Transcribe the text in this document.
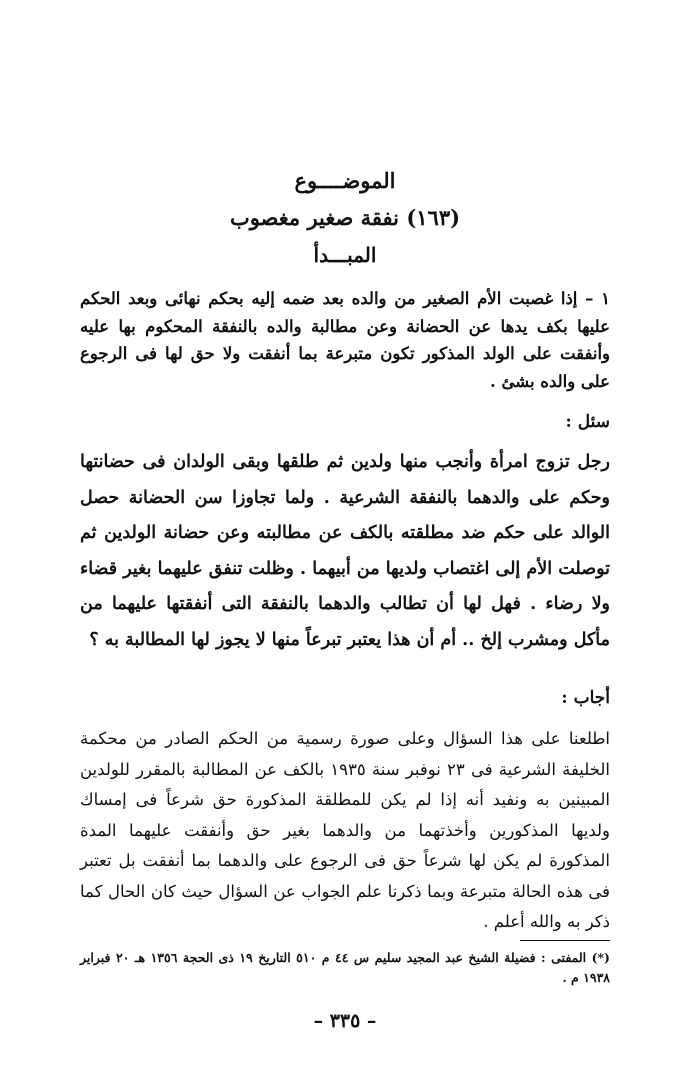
الموضــــوع
(١٦٣) نفقة صغير مغصوب
المبـــدأ
١ – إذا غصبت الأم الصغير من والده بعد ضمه إليه بحكم نهائى وبعد الحكم عليها بكف يدها عن الحضانة وعن مطالبة والده بالنفقة المحكوم بها عليه وأنفقت على الولد المذكور تكون متبرعة بما أنفقت ولا حق لها فى الرجوع على والده بشئ .
سئل :
رجل تزوج امرأة وأنجب منها ولدين ثم طلقها وبقى الولدان فى حضانتها وحكم على والدهما بالنفقة الشرعية . ولما تجاوزا سن الحضانة حصل الوالد على حكم ضد مطلقته بالكف عن مطالبته وعن حضانة الولدين ثم توصلت الأم إلى اغتصاب ولديها من أبيهما . وظلت تنفق عليهما بغير قضاء ولا رضاء . فهل لها أن تطالب والدهما بالنفقة التى أنفقتها عليهما من مأكل ومشرب إلخ .. أم أن هذا يعتبر تبرعاً منها لا يجوز لها المطالبة به ؟
أجاب :
اطلعنا على هذا السؤال وعلى صورة رسمية من الحكم الصادر من محكمة الخليفة الشرعية فى ٢٣ نوفبر سنة ١٩٣٥ بالكف عن المطالبة بالمقرر للولدين المبينين به ونفيد أنه إذا لم يكن للمطلقة المذكورة حق شرعاً فى إمساك ولديها المذكورين وأخذتهما من والدهما بغير حق وأنفقت عليهما المدة المذكورة لم يكن لها شرعاً حق فى الرجوع على والدهما بما أنفقت بل تعتبر فى هذه الحالة متبرعة وبما ذكرنا علم الجواب عن السؤال حيث كان الحال كما ذكر به والله أعلم .
(*) المفتى : فضيلة الشيخ عبد المجيد سليم س ٤٤ م ٥١٠ التاريخ ١٩ ذى الحجة ١٣٥٦ هـ ٢٠ فبراير ١٩٣٨ م .
– ٣٣٥ –
